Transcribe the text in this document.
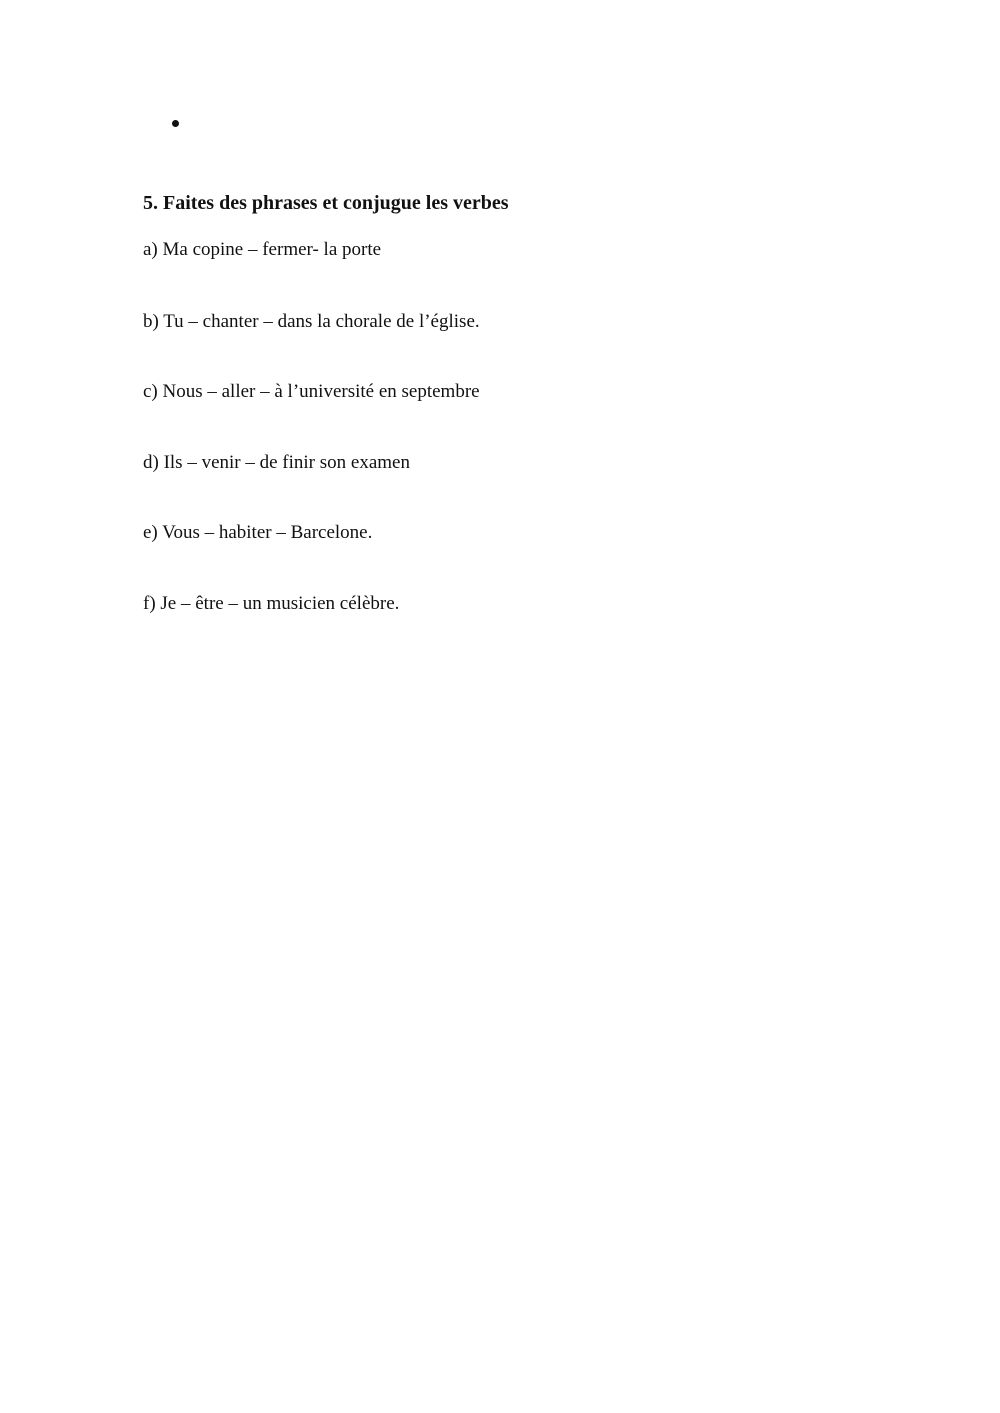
5. Faites des phrases et conjugue les verbes

a) Ma copine – fermer- la porte

b) Tu – chanter – dans la chorale de l’église.

c) Nous – aller – à l’université en septembre

d) Ils – venir – de finir son examen

e) Vous – habiter – Barcelone.

f) Je – être – un musicien célèbre.
